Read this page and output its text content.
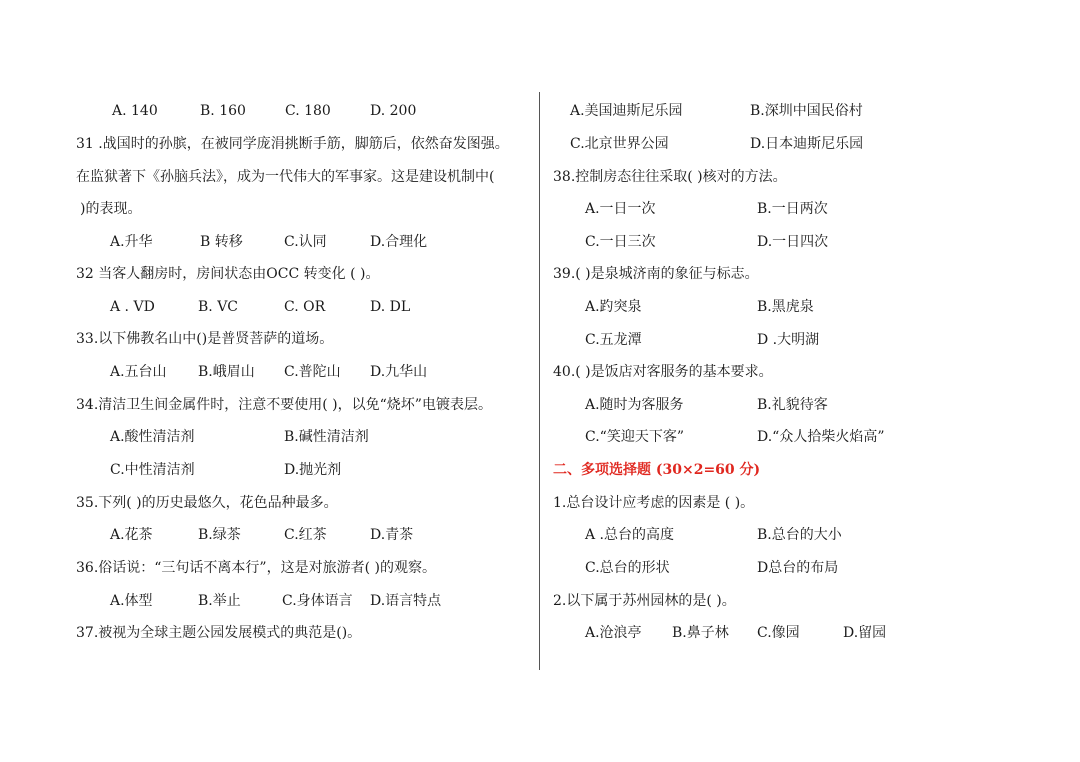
A. 140	B. 160	C. 180	D. 200
31 .战国时的孙膑，在被同学庞涓挑断手筋，脚筋后，依然奋发图强。
在监狱著下《孙脑兵法》，成为一代伟大的军事家。这是建设机制中(
)的表现。
A.升华	B 转移	C.认同	D.合理化
32 当客人翻房时，房间状态由OCC 转变化 ( )。
A . VD	B. VC	C. OR	D. DL
33.以下佛教名山中()是普贤菩萨的道场。
A.五台山 B.峨眉山 C.普陀山 D.九华山
34.清洁卫生间金属件时，注意不要使用( )，以免“烧坏”电镀表层。
A.酸性清洁剂	B.碱性清洁剂
C.中性清洁剂	D.抛光剂
35.下列( )的历史最悠久，花色品种最多。
A.花茶	B.绿茶	C.红茶	D.青茶
36.俗话说：“三句话不离本行”，这是对旅游者( )的观察。
A.体型	B.举止	C.身体语言 D.语言特点
37.被视为全球主题公园发展模式的典范是()。
A.美国迪斯尼乐园	B.深圳中国民俗村
C.北京世界公园	D.日本迪斯尼乐园
38.控制房态往往采取( )核对的方法。
A.一日一次	B.一日两次
C.一日三次	D.一日四次
39.( )是泉城济南的象征与标志。
A.趵突泉	B.黑虎泉
C.五龙潭	D .大明湖
40.( )是饭店对客服务的基本要求。
A.随时为客服务	B.礼貌待客
C.“笑迎天下客”	D.“众人拾柴火焰高”
二、多项选择题 (30×2=60 分)
1.总台设计应考虑的因素是 ( )。
A .总台的高度	B.总台的大小
C.总台的形状	D总台的布局
2.以下属于苏州园林的是( )。
A.沧浪亭 B.鼻子林 C.像园	D.留园
